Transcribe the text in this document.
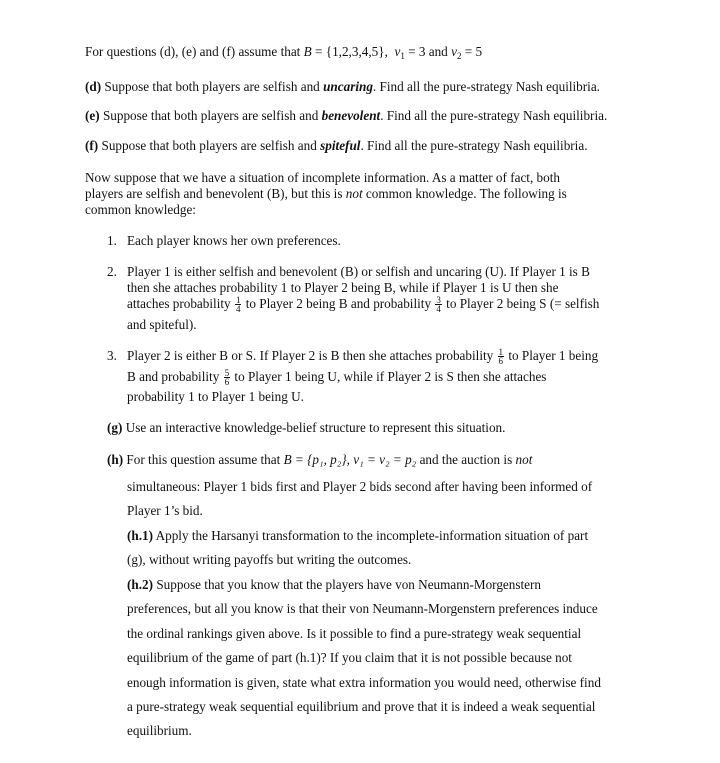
For questions (d), (e) and (f) assume that B = {1,2,3,4,5},  $v_1 = 3$ and $v_2 = 5$
(d) Suppose that both players are selfish and uncaring. Find all the pure-strategy Nash equilibria.
(e) Suppose that both players are selfish and benevolent. Find all the pure-strategy Nash equilibria.
(f) Suppose that both players are selfish and spiteful. Find all the pure-strategy Nash equilibria.
Now suppose that we have a situation of incomplete information. As a matter of fact, both
players are selfish and benevolent (B), but this is not common knowledge. The following is
common knowledge:
1. Each player knows her own preferences.
2. Player 1 is either selfish and benevolent (B) or selfish and uncaring (U). If Player 1 is B
then she attaches probability 1 to Player 2 being B, while if Player 1 is U then she
attaches probability $\frac{1}{4}$ to Player 2 being B and probability $\frac{3}{4}$ to Player 2 being S (= selfish
and spiteful).
3. Player 2 is either B or S. If Player 2 is B then she attaches probability $\frac{1}{6}$ to Player 1 being
B and probability $\frac{5}{6}$ to Player 1 being U, while if Player 2 is S then she attaches
probability 1 to Player 1 being U.
(g) Use an interactive knowledge-belief structure to represent this situation.
(h) For this question assume that B = {p₁, p₂}, v₁ = v₂ = p₂ and the auction is not
simultaneous: Player 1 bids first and Player 2 bids second after having been informed of
Player 1’s bid.
(h.1) Apply the Harsanyi transformation to the incomplete-information situation of part
(g), without writing payoffs but writing the outcomes.
(h.2) Suppose that you know that the players have von Neumann-Morgenstern
preferences, but all you know is that their von Neumann-Morgenstern preferences induce
the ordinal rankings given above. Is it possible to find a pure-strategy weak sequential
equilibrium of the game of part (h.1)? If you claim that it is not possible because not
enough information is given, state what extra information you would need, otherwise find
a pure-strategy weak sequential equilibrium and prove that it is indeed a weak sequential
equilibrium.
